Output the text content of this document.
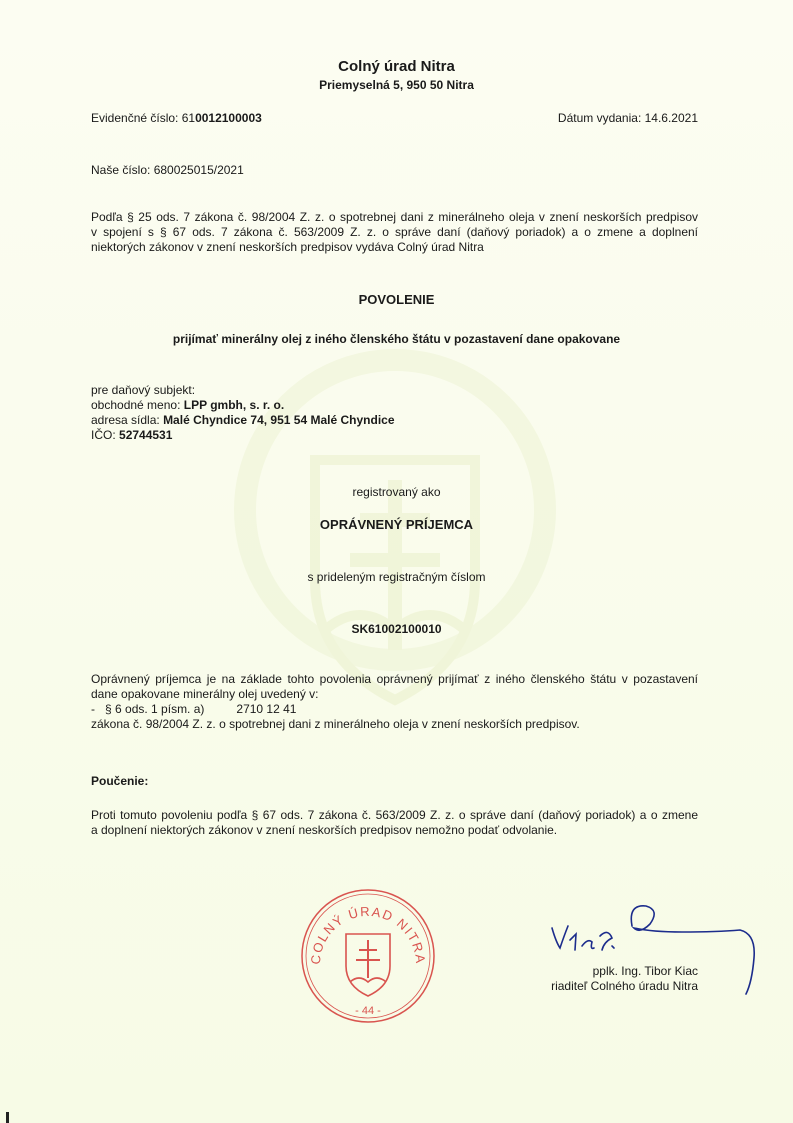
Colný úrad Nitra
Priemyselná 5, 950 50 Nitra
Evidenčné číslo: 610012100003	Dátum vydania: 14.6.2021
Naše číslo: 680025015/2021
Podľa § 25 ods. 7 zákona č. 98/2004 Z. z. o spotrebnej dani z minerálneho oleja v znení neskorších predpisov
v spojení s § 67 ods. 7 zákona č. 563/2009 Z. z. o správe daní (daňový poriadok) a o zmene a doplnení
niektorých zákonov v znení neskorších predpisov vydáva Colný úrad Nitra
POVOLENIE
prijímať minerálny olej z iného členského štátu v pozastavení dane opakovane
pre daňový subjekt:
obchodné meno: LPP gmbh, s. r. o.
adresa sídla: Malé Chyndice 74, 951 54 Malé Chyndice
IČO: 52744531
registrovaný ako
OPRÁVNENÝ PRÍJEMCA
s prideleným registračným číslom
SK61002100010
Oprávnený príjemca je na základe tohto povolenia oprávnený prijímať z iného členského štátu v pozastavení
dane opakovane minerálny olej uvedený v:
- § 6 ods. 1 písm. a)	2710 12 41
zákona č. 98/2004 Z. z. o spotrebnej dani z minerálneho oleja v znení neskorších predpisov.
Poučenie:
Proti tomuto povoleniu podľa § 67 ods. 7 zákona č. 563/2009 Z. z. o správe daní (daňový poriadok) a o zmene
a doplnení niektorých zákonov v znení neskorších predpisov nemožno podať odvolanie.
COLNÝ ÚRAD NITRA
- 44 -
pplk. Ing. Tibor Kiac
riaditeľ Colného úradu Nitra
